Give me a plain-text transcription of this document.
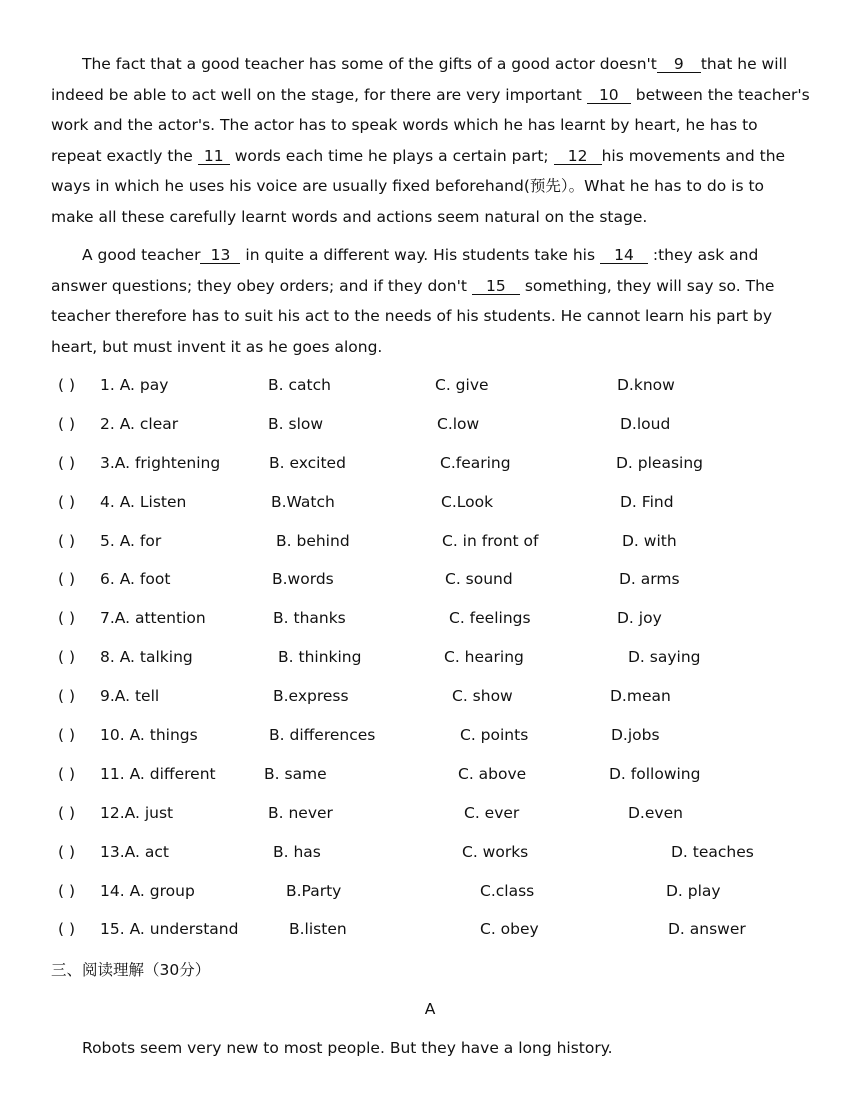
The fact that a good teacher has some of the gifts of a good actor doesn't 9 that he will indeed be able to act well on the stage, for there are very important 10 between the teacher's work and the actor's. The actor has to speak words which he has learnt by heart, he has to repeat exactly the 11 words each time he plays a certain part; 12 his movements and the ways in which he uses his voice are usually fixed beforehand(预先）。What he has to do is to make all these carefully learnt words and actions seem natural on the stage.

A good teacher 13 in quite a different way. His students take his 14 :they ask and answer questions; they obey orders; and if they don't 15 something, they will say so. The teacher therefore has to suit his act to the needs of his students. He cannot learn his part by heart, but must invent it as he goes along.

( ) 1. A. pay	B. catch	C. give	D.know
( ) 2. A. clear	B. slow	C.low	D.loud
( ) 3.A. frightening	B. excited	C.fearing	D. pleasing
( ) 4. A. Listen	B.Watch	C.Look	D. Find
( ) 5. A. for	B. behind	C. in front of	D. with
( ) 6. A. foot	B.words	C. sound	D. arms
( ) 7.A. attention	B. thanks	C. feelings	D. joy
( ) 8. A. talking	B. thinking	C. hearing	D. saying
( ) 9.A. tell	B.express	C. show	D.mean
( ) 10. A. things	B. differences	C. points	D.jobs
( ) 11. A. different	B. same	C. above	D. following
( ) 12.A. just	B. never	C. ever	D.even
( ) 13.A. act	B. has	C. works	D. teaches
( ) 14. A. group	B.Party	C.class	D. play
( ) 15. A. understand	B.listen	C. obey	D. answer
三、阅读理解（30分）
A
Robots seem very new to most people. But they have a long history.
